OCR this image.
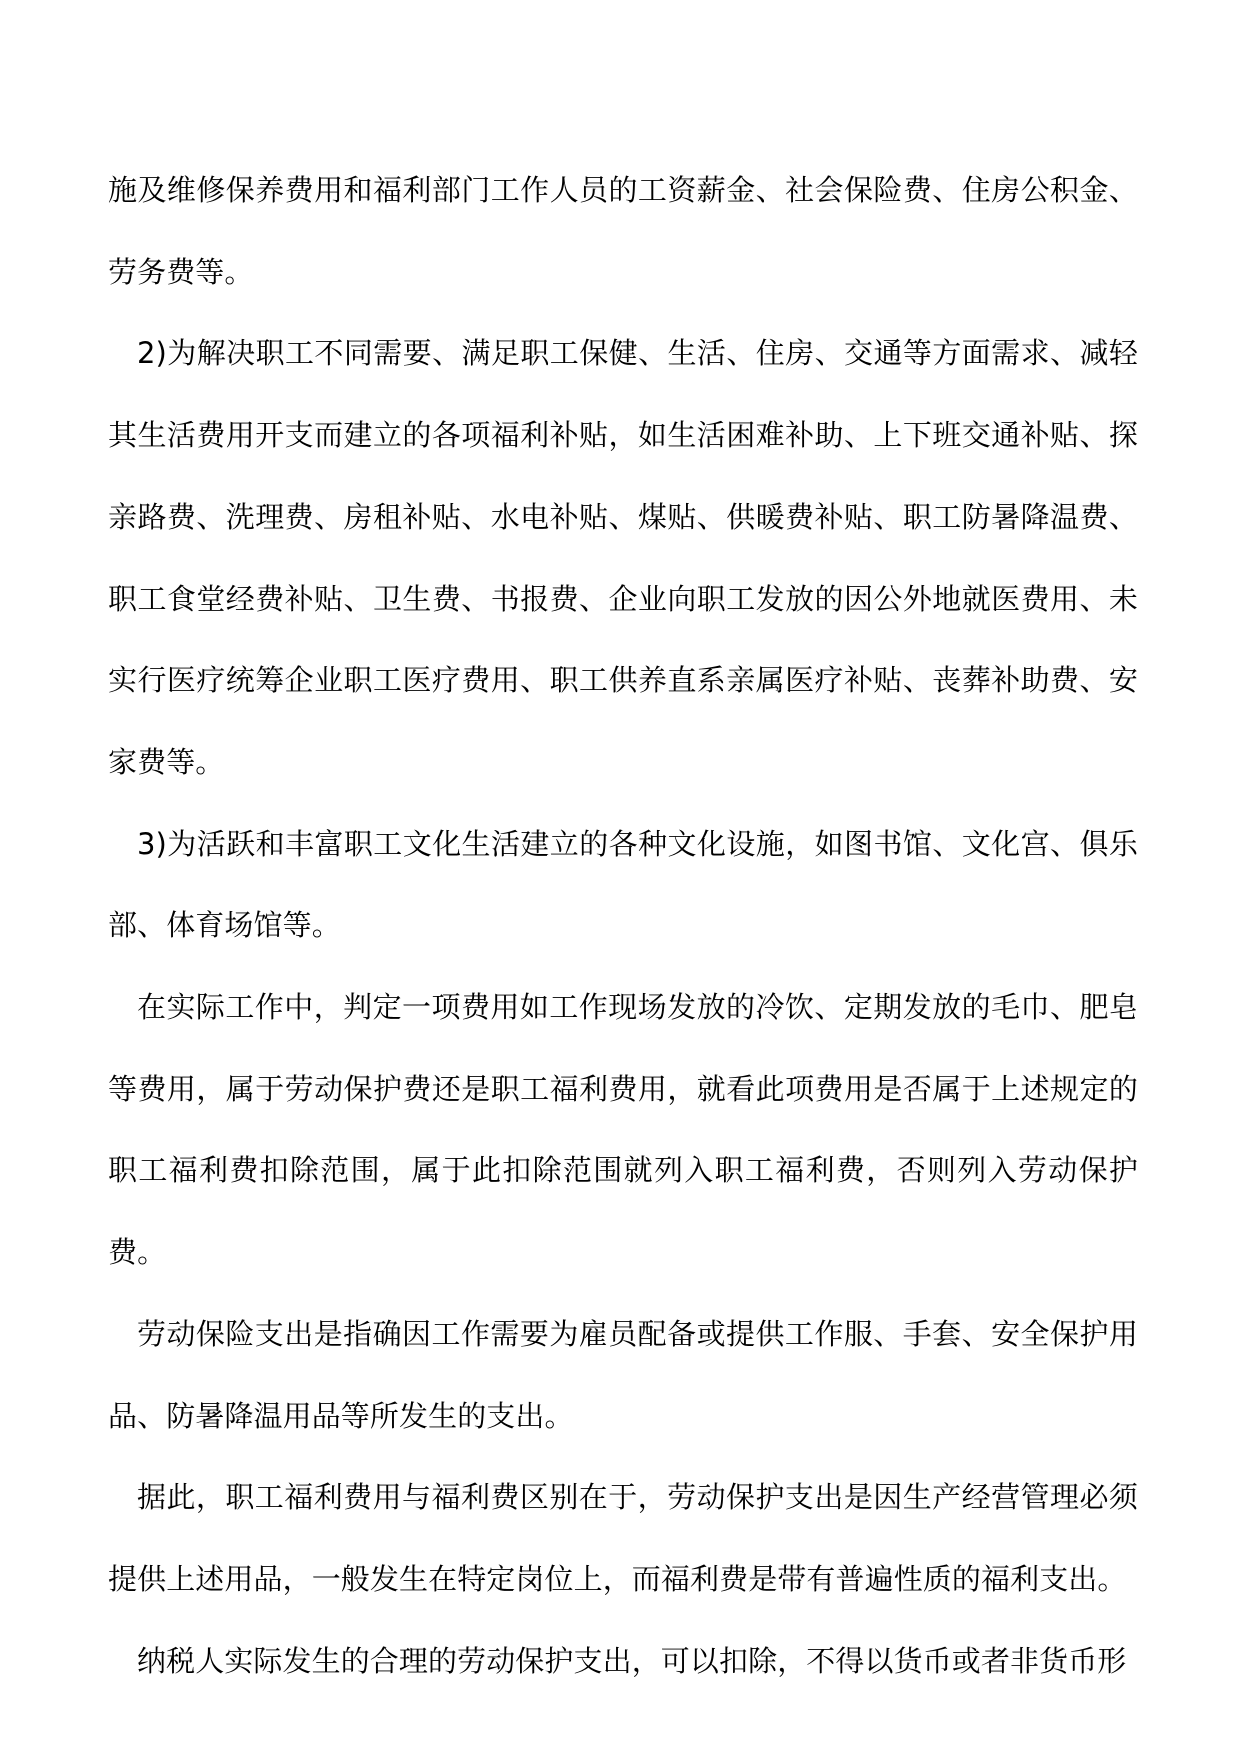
施及维修保养费用和福利部门工作人员的工资薪金、社会保险费、住房公积金、劳务费等。

2)为解决职工不同需要、满足职工保健、生活、住房、交通等方面需求、减轻其生活费用开支而建立的各项福利补贴，如生活困难补助、上下班交通补贴、探亲路费、洗理费、房租补贴、水电补贴、煤贴、供暖费补贴、职工防暑降温费、职工食堂经费补贴、卫生费、书报费、企业向职工发放的因公外地就医费用、未实行医疗统筹企业职工医疗费用、职工供养直系亲属医疗补贴、丧葬补助费、安家费等。

3)为活跃和丰富职工文化生活建立的各种文化设施，如图书馆、文化宫、俱乐部、体育场馆等。

在实际工作中，判定一项费用如工作现场发放的冷饮、定期发放的毛巾、肥皂等费用，属于劳动保护费还是职工福利费用，就看此项费用是否属于上述规定的职工福利费扣除范围，属于此扣除范围就列入职工福利费，否则列入劳动保护费。

劳动保险支出是指确因工作需要为雇员配备或提供工作服、手套、安全保护用品、防暑降温用品等所发生的支出。

据此，职工福利费用与福利费区别在于，劳动保护支出是因生产经营管理必须提供上述用品，一般发生在特定岗位上，而福利费是带有普遍性质的福利支出。

纳税人实际发生的合理的劳动保护支出，可以扣除，不得以货币或者非货币形
